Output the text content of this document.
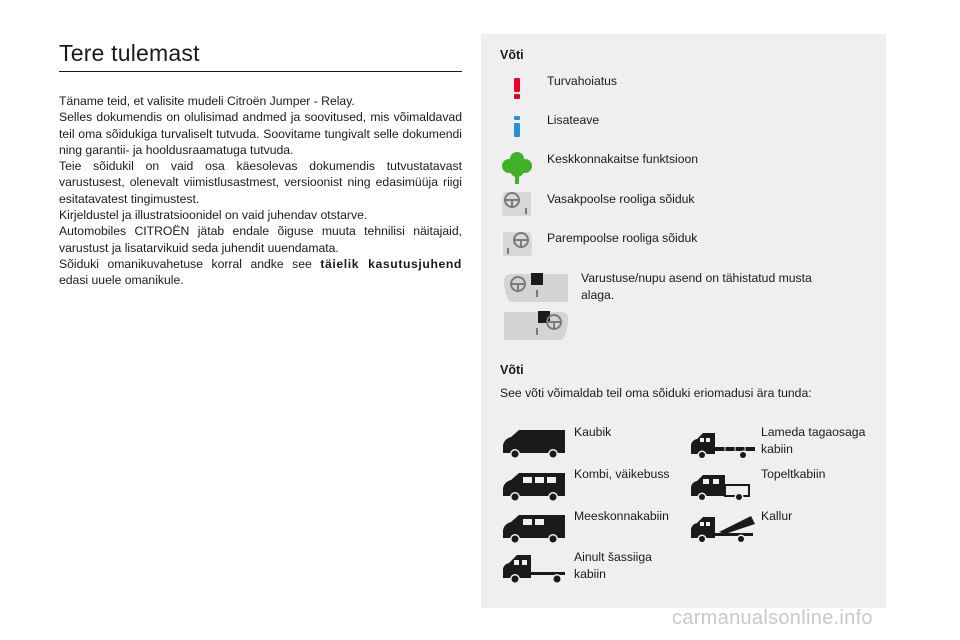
Tere tulemast

Täname teid, et valisite mudeli Citroën Jumper - Relay.

Selles dokumendis on olulisimad andmed ja soovitused, mis võimaldavad teil oma sõidukiga turvaliselt tutvuda. Soovitame tungivalt selle dokumendi ning garantii- ja hooldusraamatuga tutvuda.

Teie sõidukil on vaid osa käesolevas dokumendis tutvustatavast varustusest, olenevalt viimistlusastmest, versioonist ning edasimüüja riigi esitatavatest tingimustest.

Kirjeldustel ja illustratsioonidel on vaid juhendav otstarve.

Automobiles CITROËN jätab endale õiguse muuta tehnilisi näitajaid, varustust ja lisatarvikuid seda juhendit uuendamata.

Sõiduki omanikuvahetuse korral andke see täielik kasutusjuhend edasi uuele omanikule.

Võti
Turvahoiatus
Lisateave
Keskkonnakaitse funktsioon
Vasakpoolse rooliga sõiduk
Parempoolse rooliga sõiduk
Varustuse/nupu asend on tähistatud musta alaga.
Võti
See võti võimaldab teil oma sõiduki eriomadusi ära tunda:
Kaubik	Lameda tagaosaga kabiin
Kombi, väikebuss	Topeltkabiin
Meeskonnakabiin	Kallur
Ainult šassiiga kabiin
carmanualsonline.info
